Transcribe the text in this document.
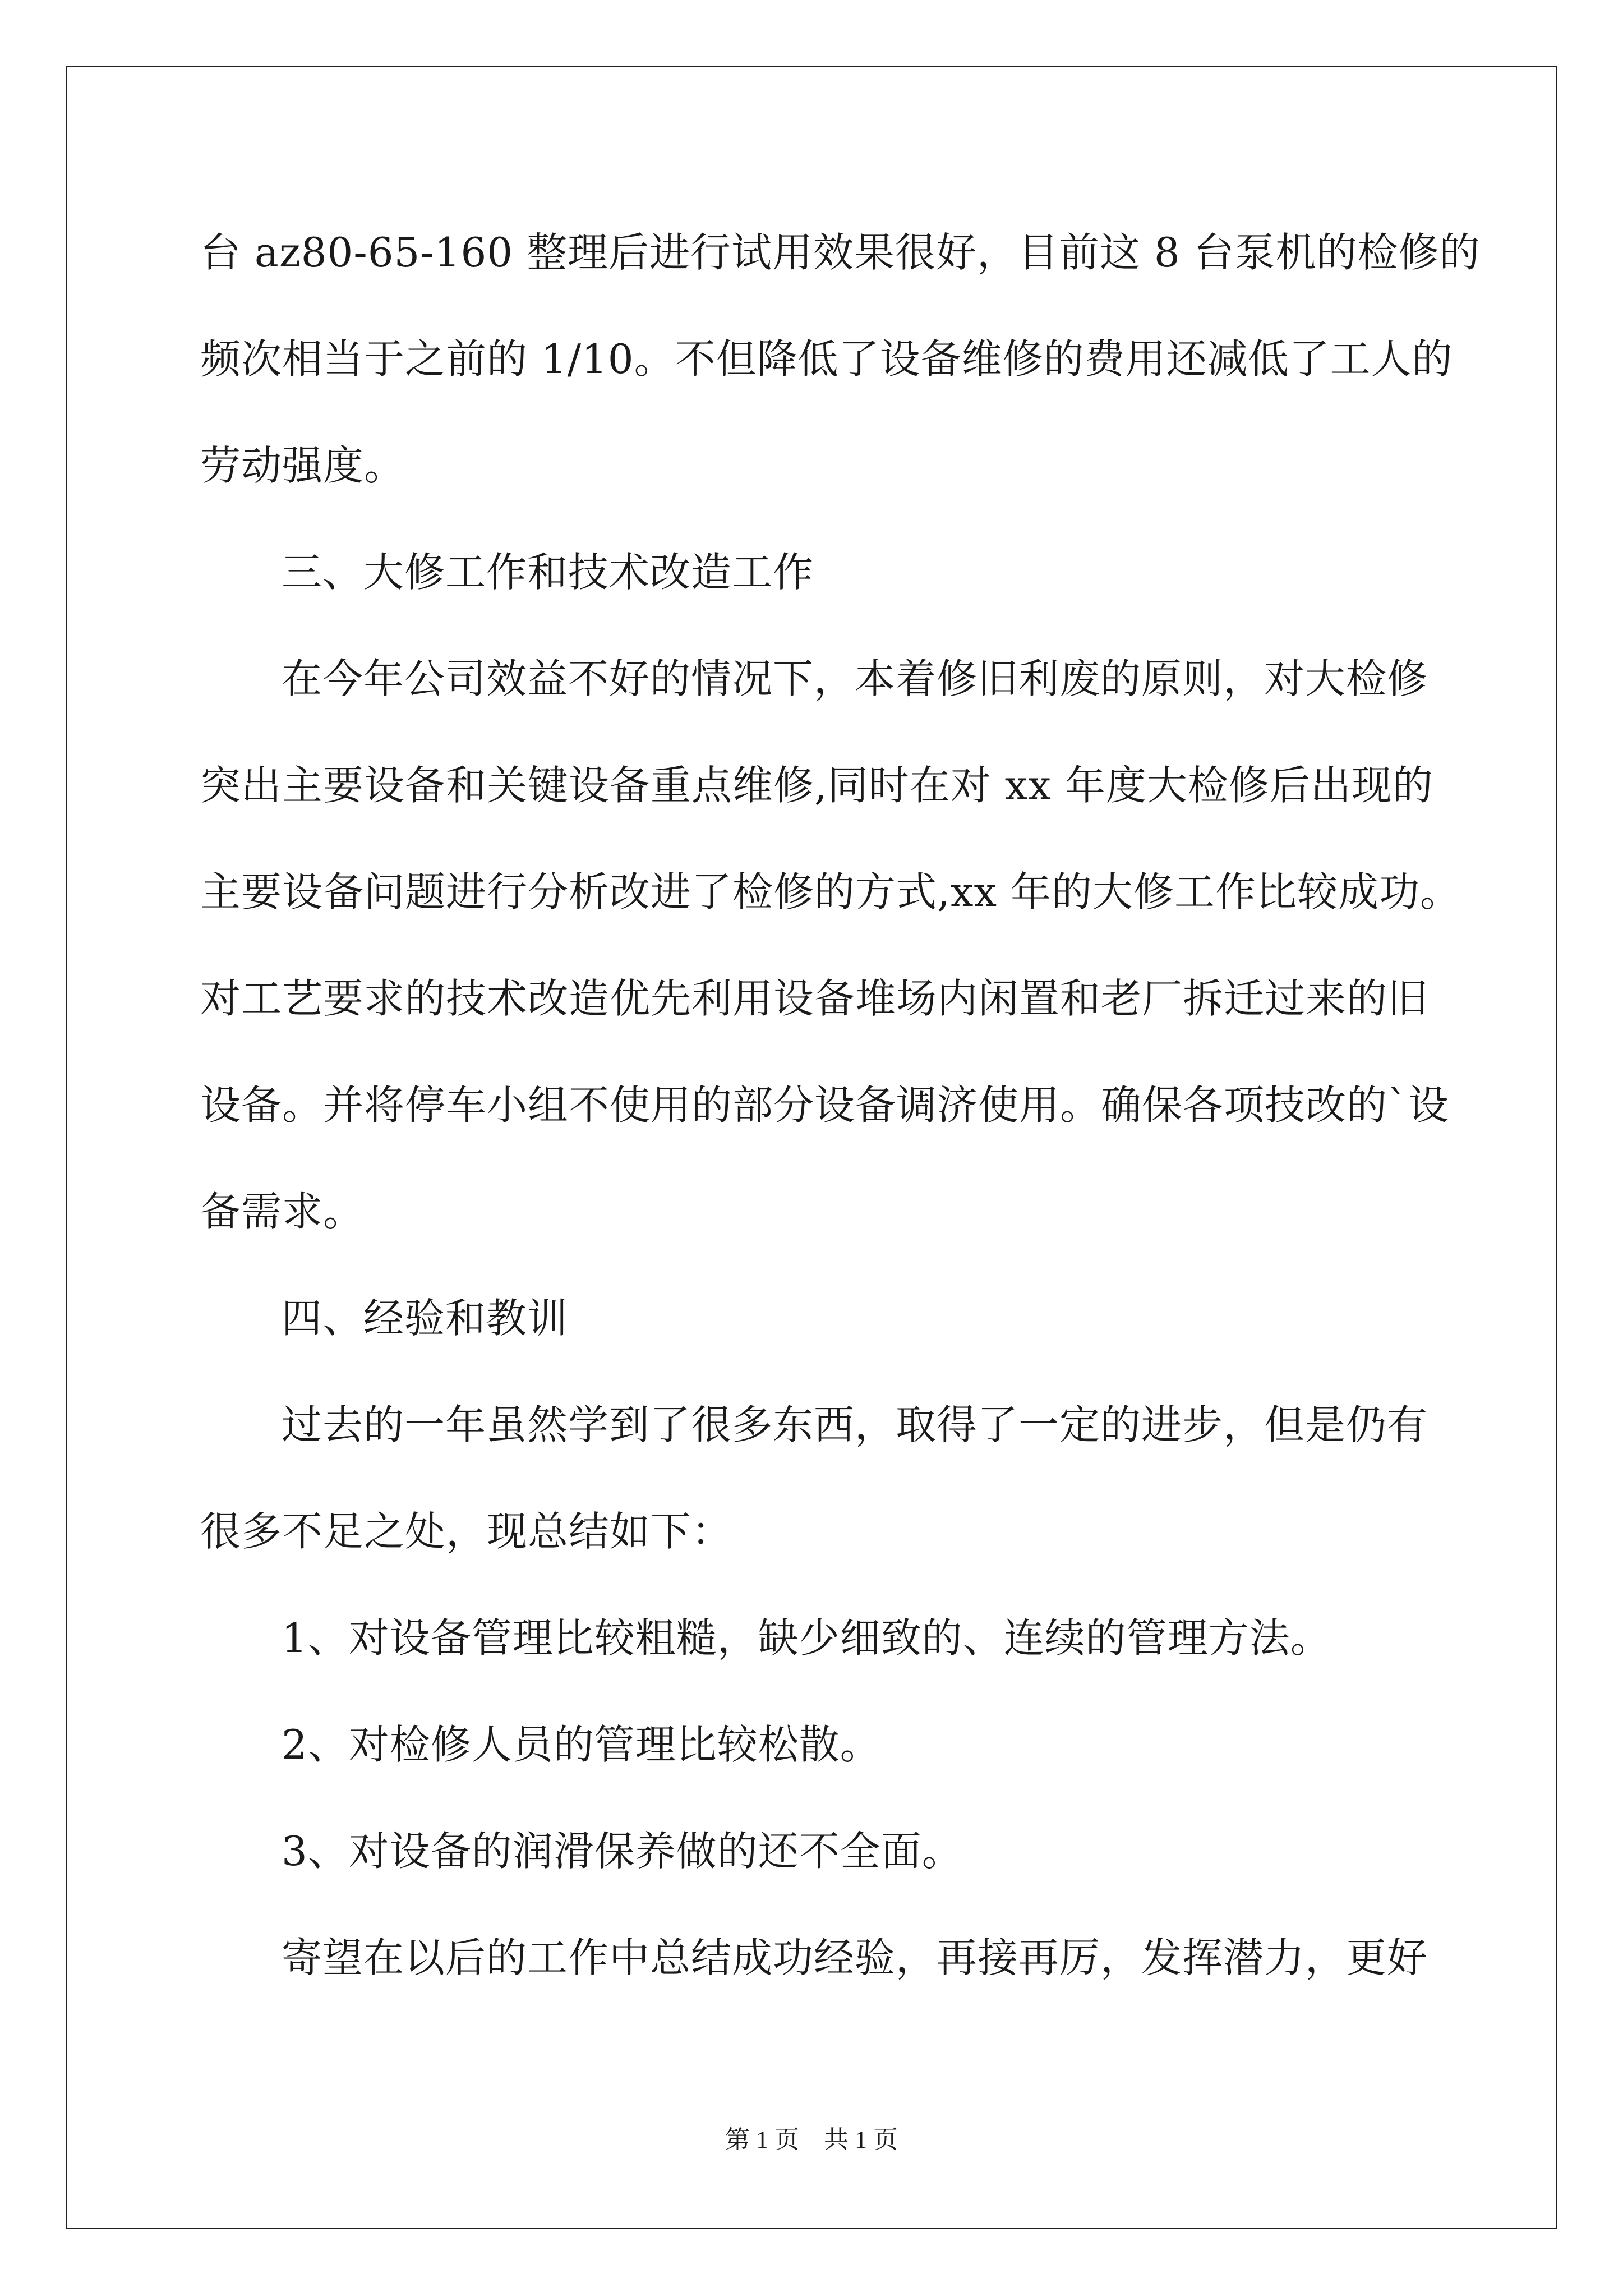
台 az80-65-160 整理后进行试用效果很好，目前这 8 台泵机的检修的
频次相当于之前的 1/10。不但降低了设备维修的费用还减低了工人的
劳动强度。
三、大修工作和技术改造工作
在今年公司效益不好的情况下，本着修旧利废的原则，对大检修
突出主要设备和关键设备重点维修,同时在对 xx 年度大检修后出现的
主要设备问题进行分析改进了检修的方式,xx 年的大修工作比较成功。
对工艺要求的技术改造优先利用设备堆场内闲置和老厂拆迁过来的旧
设备。并将停车小组不使用的部分设备调济使用。确保各项技改的`设
备需求。
四、经验和教训
过去的一年虽然学到了很多东西，取得了一定的进步，但是仍有
很多不足之处，现总结如下：
1、对设备管理比较粗糙，缺少细致的、连续的管理方法。
2、对检修人员的管理比较松散。
3、对设备的润滑保养做的还不全面。
寄望在以后的工作中总结成功经验，再接再厉，发挥潜力，更好
第 1 页    共 1 页
